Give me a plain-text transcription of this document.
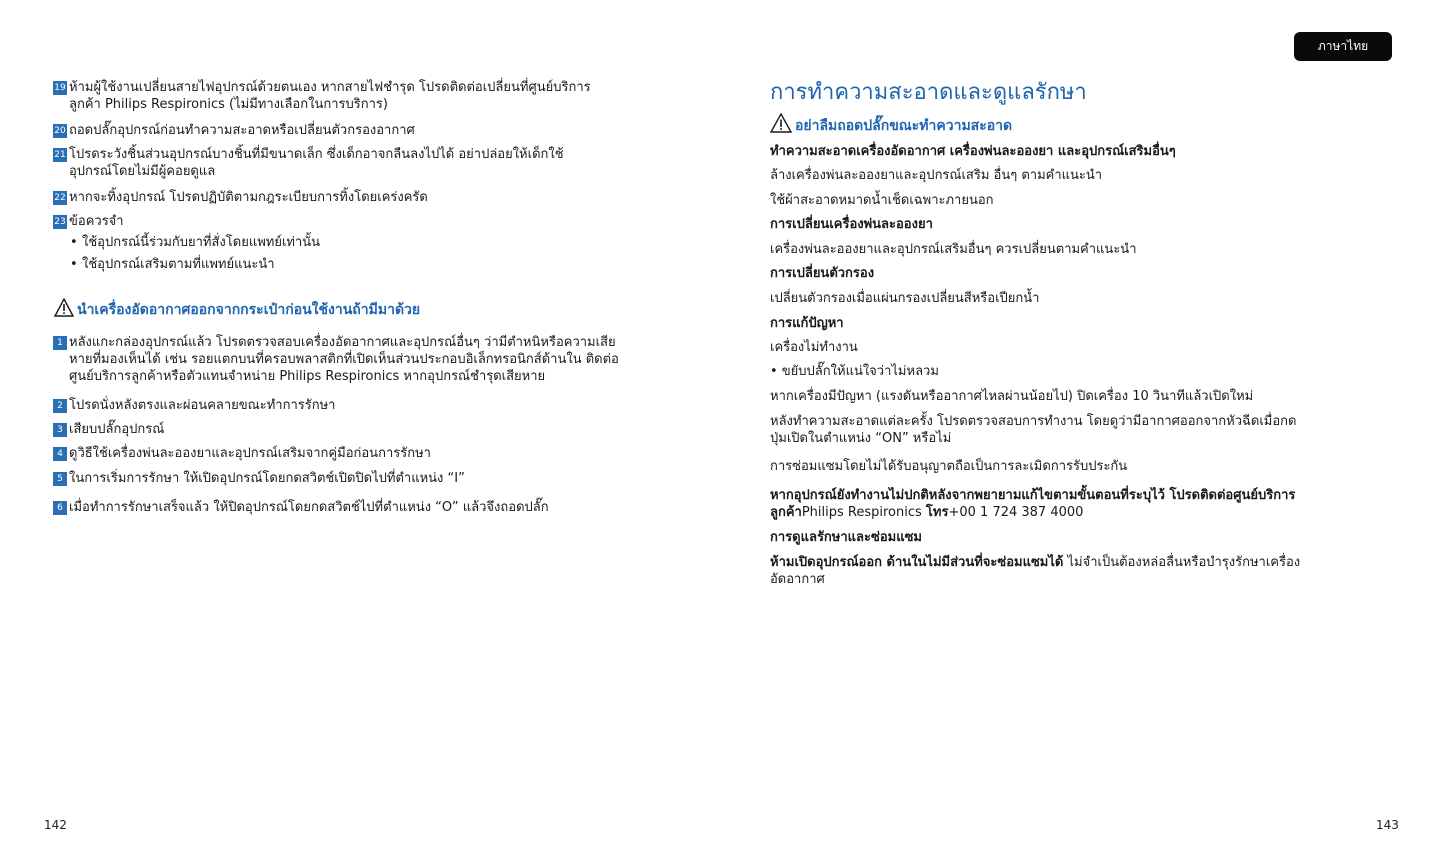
19 ห้ามผู้ใช้งานเปลี่ยนสายไฟอุปกรณ์ด้วยตนเอง หากสายไฟชำรุด โปรดติดต่อเปลี่ยนที่ศูนย์บริการ
ลูกค้า Philips Respironics (ไม่มีทางเลือกในการบริการ)
20 ถอดปลั๊กอุปกรณ์ก่อนทำความสะอาดหรือเปลี่ยนตัวกรองอากาศ
21 โปรดระวังชิ้นส่วนอุปกรณ์บางชิ้นที่มีขนาดเล็ก ซึ่งเด็กอาจกลืนลงไปได้ อย่าปล่อยให้เด็กใช้
อุปกรณ์โดยไม่มีผู้คอยดูแล
22 หากจะทิ้งอุปกรณ์ โปรดปฏิบัติตามกฎระเบียบการทิ้งโดยเคร่งครัด
23 ข้อควรจำ
• ใช้อุปกรณ์นี้ร่วมกับยาที่สั่งโดยแพทย์เท่านั้น
• ใช้อุปกรณ์เสริมตามที่แพทย์แนะนำ
นำเครื่องอัดอากาศออกจากกระเป๋าก่อนใช้งานถ้ามีมาด้วย
1 หลังแกะกล่องอุปกรณ์แล้ว โปรดตรวจสอบเครื่องอัดอากาศและอุปกรณ์อื่นๆ ว่ามีตำหนิหรือความเสีย
หายที่มองเห็นได้ เช่น รอยแตกบนที่ครอบพลาสติกที่เปิดเห็นส่วนประกอบอิเล็กทรอนิกส์ด้านใน ติดต่อ
ศูนย์บริการลูกค้าหรือตัวแทนจำหน่าย Philips Respironics หากอุปกรณ์ชำรุดเสียหาย
2 โปรดนั่งหลังตรงและผ่อนคลายขณะทำการรักษา
3 เสียบปลั๊กอุปกรณ์
4 ดูวิธีใช้เครื่องพ่นละอองยาและอุปกรณ์เสริมจากคู่มือก่อนการรักษา
5 ในการเริ่มการรักษา ให้เปิดอุปกรณ์โดยกดสวิตช์เปิดปิดไปที่ตำแหน่ง “I”
6 เมื่อทำการรักษาเสร็จแล้ว ให้ปิดอุปกรณ์โดยกดสวิตช์ไปที่ตำแหน่ง “O” แล้วจึงถอดปลั๊ก
142
ภาษาไทย
การทำความสะอาดและดูแลรักษา
อย่าลืมถอดปลั๊กขณะทำความสะอาด
ทำความสะอาดเครื่องอัดอากาศ เครื่องพ่นละอองยา และอุปกรณ์เสริมอื่นๆ
ล้างเครื่องพ่นละอองยาและอุปกรณ์เสริม อื่นๆ ตามคำแนะนำ
ใช้ผ้าสะอาดหมาดน้ำเช็ดเฉพาะภายนอก
การเปลี่ยนเครื่องพ่นละอองยา
เครื่องพ่นละอองยาและอุปกรณ์เสริมอื่นๆ ควรเปลี่ยนตามคำแนะนำ
การเปลี่ยนตัวกรอง
เปลี่ยนตัวกรองเมื่อแผ่นกรองเปลี่ยนสีหรือเปียกน้ำ
การแก้ปัญหา
เครื่องไม่ทำงาน
• ขยับปลั๊กให้แน่ใจว่าไม่หลวม
หากเครื่องมีปัญหา (แรงดันหรืออากาศไหลผ่านน้อยไป) ปิดเครื่อง 10 วินาทีแล้วเปิดใหม่
หลังทำความสะอาดแต่ละครั้ง โปรดตรวจสอบการทำงาน โดยดูว่ามีอากาศออกจากหัวฉีดเมื่อกด
ปุ่มเปิดในตำแหน่ง “ON” หรือไม่
การซ่อมแซมโดยไม่ได้รับอนุญาตถือเป็นการละเมิดการรับประกัน
หากอุปกรณ์ยังทำงานไม่ปกติหลังจากพยายามแก้ไขตามขั้นตอนที่ระบุไว้ โปรดติดต่อศูนย์บริการ
ลูกค้าPhilips Respironics โทร+00 1 724 387 4000
การดูแลรักษาและซ่อมแซม
ห้ามเปิดอุปกรณ์ออก ด้านในไม่มีส่วนที่จะซ่อมแซมได้ ไม่จำเป็นต้องหล่อลื่นหรือบำรุงรักษาเครื่อง
อัดอากาศ
143
